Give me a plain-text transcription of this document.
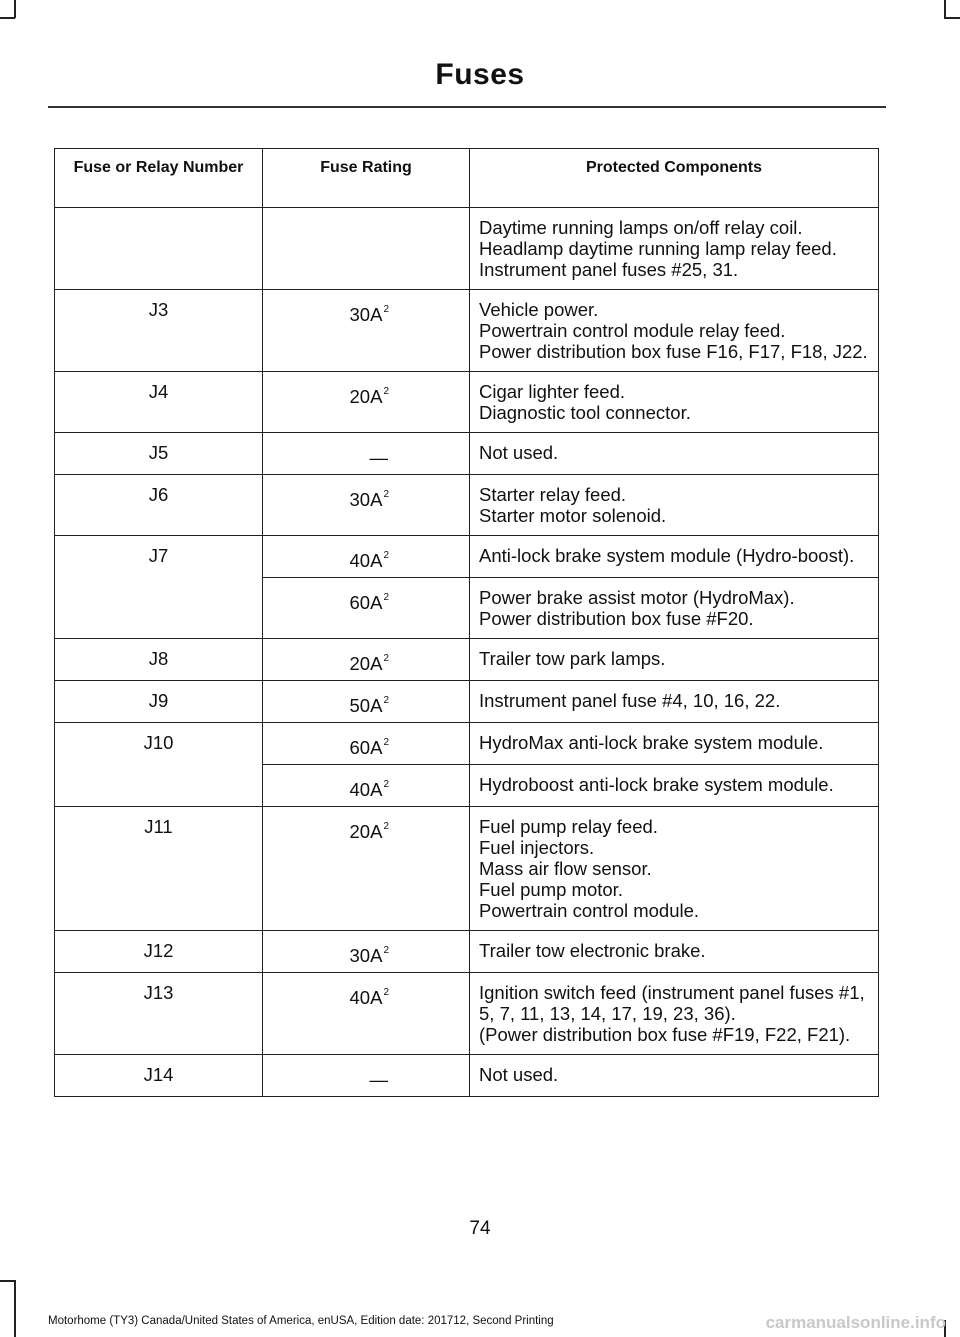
Fuses
Fuse or Relay Number	Fuse Rating	Protected Components

		Daytime running lamps on/off relay coil.
Headlamp daytime running lamp relay feed.
Instrument panel fuses #25, 31.

J3	$30A^2$	Vehicle power.
Powertrain control module relay feed.
Power distribution box fuse F16, F17, F18, J22.

J4	$20A^2$	Cigar lighter feed.
Diagnostic tool connector.

J5	—	Not used.

J6	$30A^2$	Starter relay feed.
Starter motor solenoid.

J7	$40A^2$	Anti-lock brake system module (Hydro-boost).

	$60A^2$	Power brake assist motor (HydroMax).
Power distribution box fuse #F20.

J8	$20A^2$	Trailer tow park lamps.

J9	$50A^2$	Instrument panel fuse #4, 10, 16, 22.

J10	$60A^2$	HydroMax anti-lock brake system module.

	$40A^2$	Hydroboost anti-lock brake system module.

J11	$20A^2$	Fuel pump relay feed.
Fuel injectors.
Mass air flow sensor.
Fuel pump motor.
Powertrain control module.

J12	$30A^2$	Trailer tow electronic brake.

J13	$40A^2$	Ignition switch feed (instrument panel fuses #1, 5, 7, 11, 13, 14, 17, 19, 23, 36).
(Power distribution box fuse #F19, F22, F21).

J14	—	Not used.
74
Motorhome (TY3) Canada/United States of America, enUSA, Edition date: 201712, Second Printing	carmanualsonline.info
